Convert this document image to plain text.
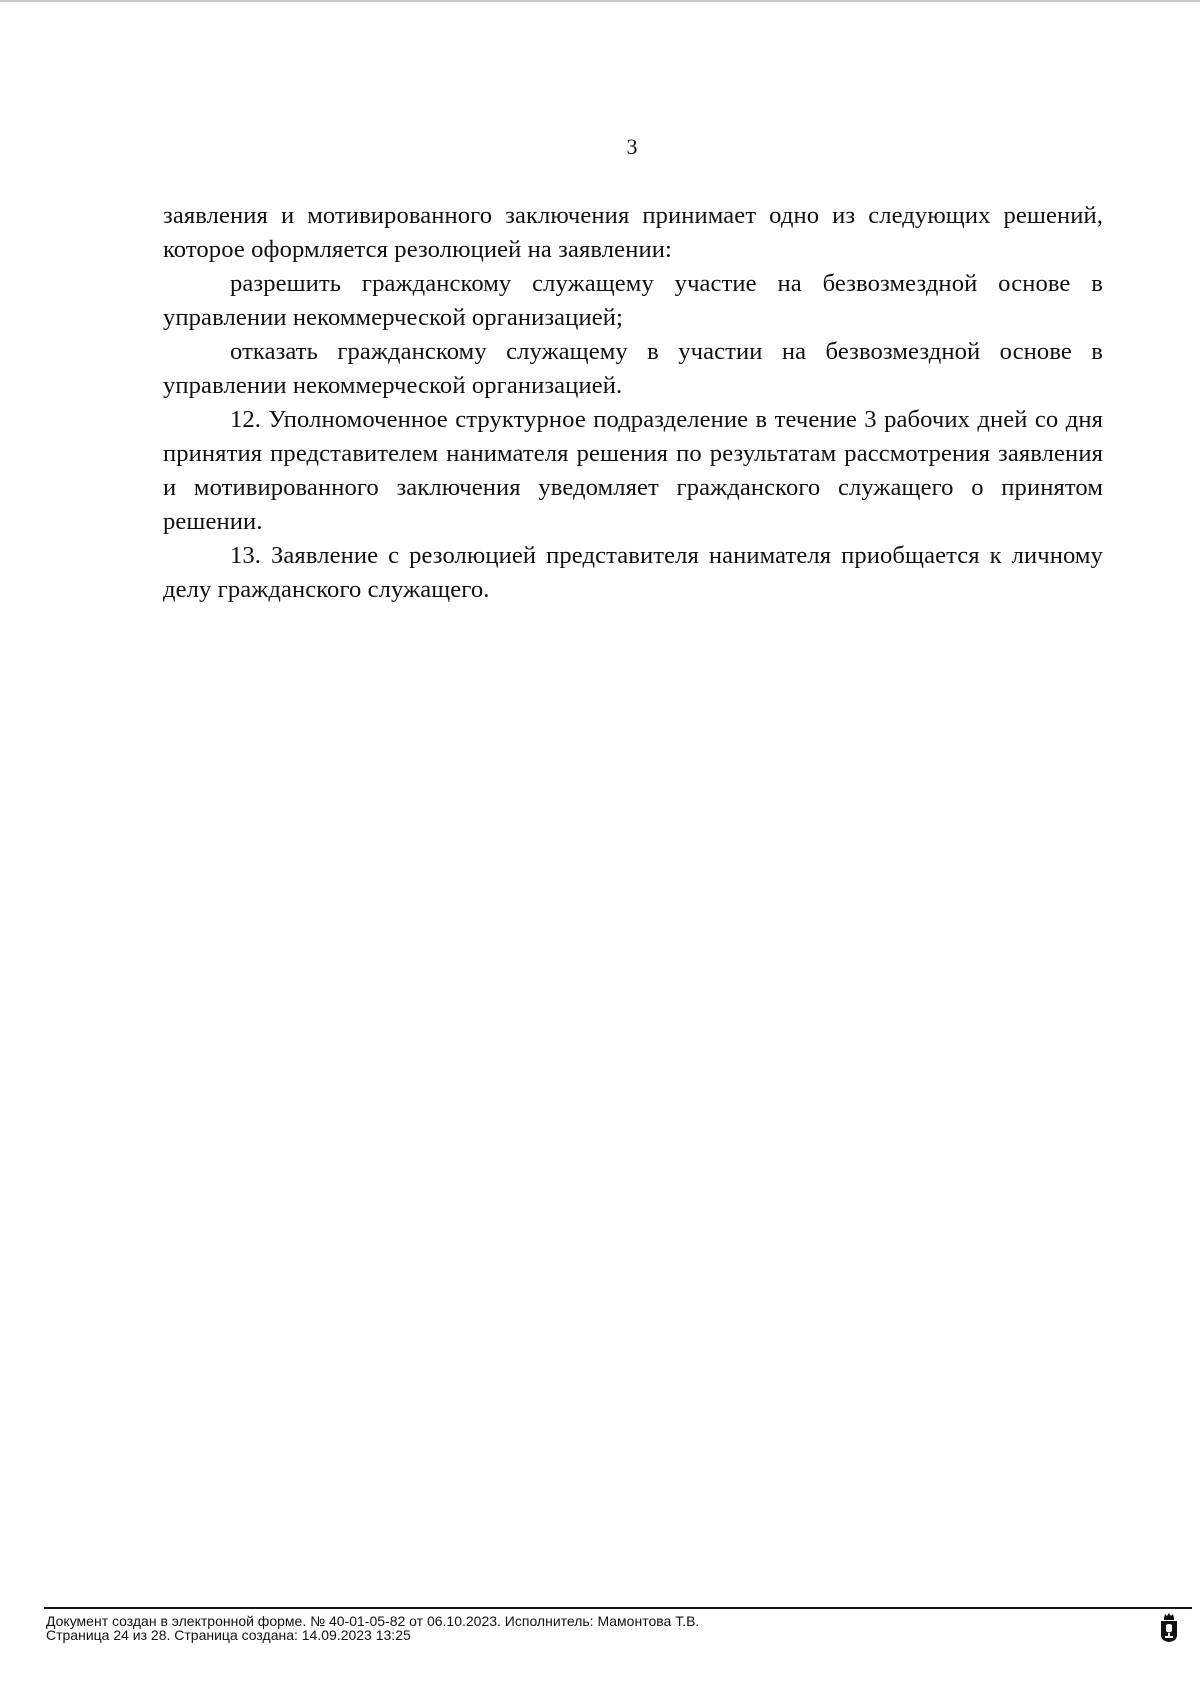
3

заявления и мотивированного заключения принимает одно из следующих решений, которое оформляется резолюцией на заявлении:

разрешить гражданскому служащему участие на безвозмездной основе в управлении некоммерческой организацией;

отказать гражданскому служащему в участии на безвозмездной основе в управлении некоммерческой организацией.

12. Уполномоченное структурное подразделение в течение 3 рабочих дней со дня принятия представителем нанимателя решения по результатам рассмотрения заявления и мотивированного заключения уведомляет гражданского служащего о принятом решении.

13. Заявление с резолюцией представителя нанимателя приобщается к личному делу гражданского служащего.

Документ создан в электронной форме. № 40-01-05-82 от 06.10.2023. Исполнитель: Мамонтова Т.В.
Страница 24 из 28. Страница создана: 14.09.2023 13:25
